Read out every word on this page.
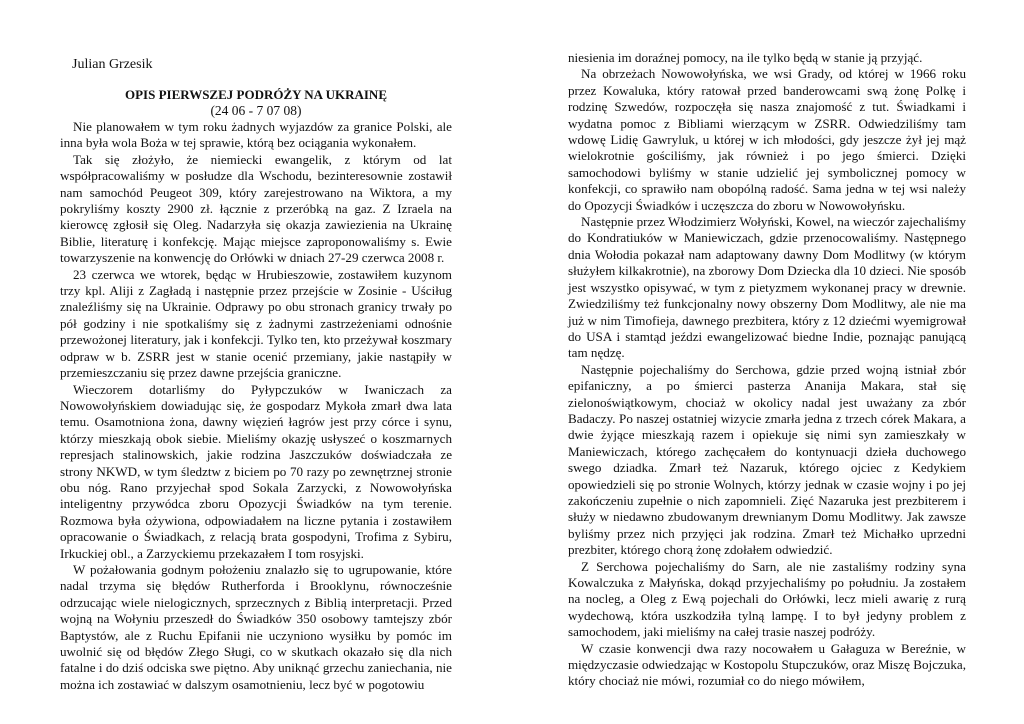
Julian Grzesik
OPIS PIERWSZEJ PODRÓŻY NA UKRAINĘ
(24 06 - 7 07 08)

Nie planowałem w tym roku żadnych wyjazdów za granice Polski, ale inna była wola Boża w tej sprawie, którą bez ociągania wykonałem.

Tak się złożyło, że niemiecki ewangelik, z którym od lat współpracowaliśmy w posłudze dla Wschodu, bezinteresownie zostawił nam samochód Peugeot 309, który zarejestrowano na Wiktora, a my pokryliśmy koszty 2900 zł. łącznie z przeróbką na gaz. Z Izraela na kierowcę zgłosił się Oleg. Nadarzyła się okazja zawiezienia na Ukrainę Biblie, literaturę i konfekcję. Mając miejsce zaproponowaliśmy s. Ewie towarzyszenie na konwencję do Orłówki w dniach 27-29 czerwca 2008 r.

23 czerwca we wtorek, będąc w Hrubieszowie, zostawiłem kuzynom trzy kpl. Aliji z Zagładą i następnie przez przejście w Zosinie - Uściług znaleźliśmy się na Ukrainie. Odprawy po obu stronach granicy trwały po pół godziny i nie spotkaliśmy się z żadnymi zastrzeżeniami odnośnie przewożonej literatury, jak i konfekcji. Tylko ten, kto przeżywał koszmary odpraw w b. ZSRR jest w stanie ocenić przemiany, jakie nastąpiły w przemieszczaniu się przez dawne przejścia graniczne.

Wieczorem dotarliśmy do Pyłypczuków w Iwaniczach za Nowowołyńskiem dowiadując się, że gospodarz Mykoła zmarł dwa lata temu. Osamotniona żona, dawny więzień łagrów jest przy córce i synu, którzy mieszkają obok siebie. Mieliśmy okazję usłyszeć o koszmarnych represjach stalinowskich, jakie rodzina Jaszczuków doświadczała ze strony NKWD, w tym śledztw z biciem po 70 razy po zewnętrznej stronie obu nóg. Rano przyjechał spod Sokala Zarzycki, z Nowowołyńska inteligentny przywódca zboru Opozycji Świadków na tym terenie. Rozmowa była ożywiona, odpowiadałem na liczne pytania i zostawiłem opracowanie o Świadkach, z relacją brata gospodyni, Trofima z Sybiru, Irkuckiej obl., a Zarzyckiemu przekazałem I tom rosyjski.

W pożałowania godnym położeniu znalazło się to ugrupowanie, które nadal trzyma się błędów Rutherforda i Brooklynu, równocześnie odrzucając wiele nielogicznych, sprzecznych z Biblią interpretacji. Przed wojną na Wołyniu przeszedł do Świadków 350 osobowy tamtejszy zbór Baptystów, ale z Ruchu Epifanii nie uczyniono wysiłku by pomóc im uwolnić się od błędów Złego Sługi, co w skutkach okazało się dla nich fatalne i do dziś odciska swe piętno. Aby uniknąć grzechu zaniechania, nie można ich zostawiać w dalszym osamotnieniu, lecz być w pogotowiu

niesienia im doraźnej pomocy, na ile tylko będą w stanie ją przyjąć.

Na obrzeżach Nowowołyńska, we wsi Grady, od której w 1966 roku przez Kowaluka, który ratował przed banderowcami swą żonę Polkę i rodzinę Szwedów, rozpoczęła się nasza znajomość z tut. Świadkami i wydatna pomoc z Bibliami wierzącym w ZSRR. Odwiedziliśmy tam wdowę Lidię Gawryluk, u której w ich młodości, gdy jeszcze żył jej mąż wielokrotnie gościliśmy, jak również i po jego śmierci. Dzięki samochodowi byliśmy w stanie udzielić jej symbolicznej pomocy w konfekcji, co sprawiło nam obopólną radość. Sama jedna w tej wsi należy do Opozycji Świadków i uczęszcza do zboru w Nowowołyńsku.

Następnie przez Włodzimierz Wołyński, Kowel, na wieczór zajechaliśmy do Kondratiuków w Maniewiczach, gdzie przenocowaliśmy. Następnego dnia Wołodia pokazał nam adaptowany dawny Dom Modlitwy (w którym służyłem kilkakrotnie), na zborowy Dom Dziecka dla 10 dzieci. Nie sposób jest wszystko opisywać, w tym z pietyzmem wykonanej pracy w drewnie. Zwiedziliśmy też funkcjonalny nowy obszerny Dom Modlitwy, ale nie ma już w nim Timofieja, dawnego prezbitera, który z 12 dziećmi wyemigrował do USA i stamtąd jeździ ewangelizować biedne Indie, poznając panującą tam nędzę.

Następnie pojechaliśmy do Serchowa, gdzie przed wojną istniał zbór epifaniczny, a po śmierci pasterza Ananija Makara, stał się zielonoświątkowym, chociaż w okolicy nadal jest uważany za zbór Badaczy. Po naszej ostatniej wizycie zmarła jedna z trzech córek Makara, a dwie żyjące mieszkają razem i opiekuje się nimi syn zamieszkały w Maniewiczach, którego zachęcałem do kontynuacji dzieła duchowego swego dziadka. Zmarł też Nazaruk, którego ojciec z Kedykiem opowiedzieli się po stronie Wolnych, którzy jednak w czasie wojny i po jej zakończeniu zupełnie o nich zapomnieli. Zięć Nazaruka jest prezbiterem i służy w niedawno zbudowanym drewnianym Domu Modlitwy. Jak zawsze byliśmy przez nich przyjęci jak rodzina. Zmarł też Michałko uprzedni prezbiter, którego chorą żonę zdołałem odwiedzić.

Z Serchowa pojechaliśmy do Sarn, ale nie zastaliśmy rodziny syna Kowalczuka z Małyńska, dokąd przyjechaliśmy po południu. Ja zostałem na nocleg, a Oleg z Ewą pojechali do Orłówki, lecz mieli awarię z rurą wydechową, która uszkodziła tylną lampę. I to był jedyny problem z samochodem, jaki mieliśmy na całej trasie naszej podróży.

W czasie konwencji dwa razy nocowałem u Gałaguza w Bereźnie, w międzyczasie odwiedzając w Kostopolu Stupczuków, oraz Miszę Bojczuka, który chociaż nie mówi, rozumiał co do niego mówiłem,
